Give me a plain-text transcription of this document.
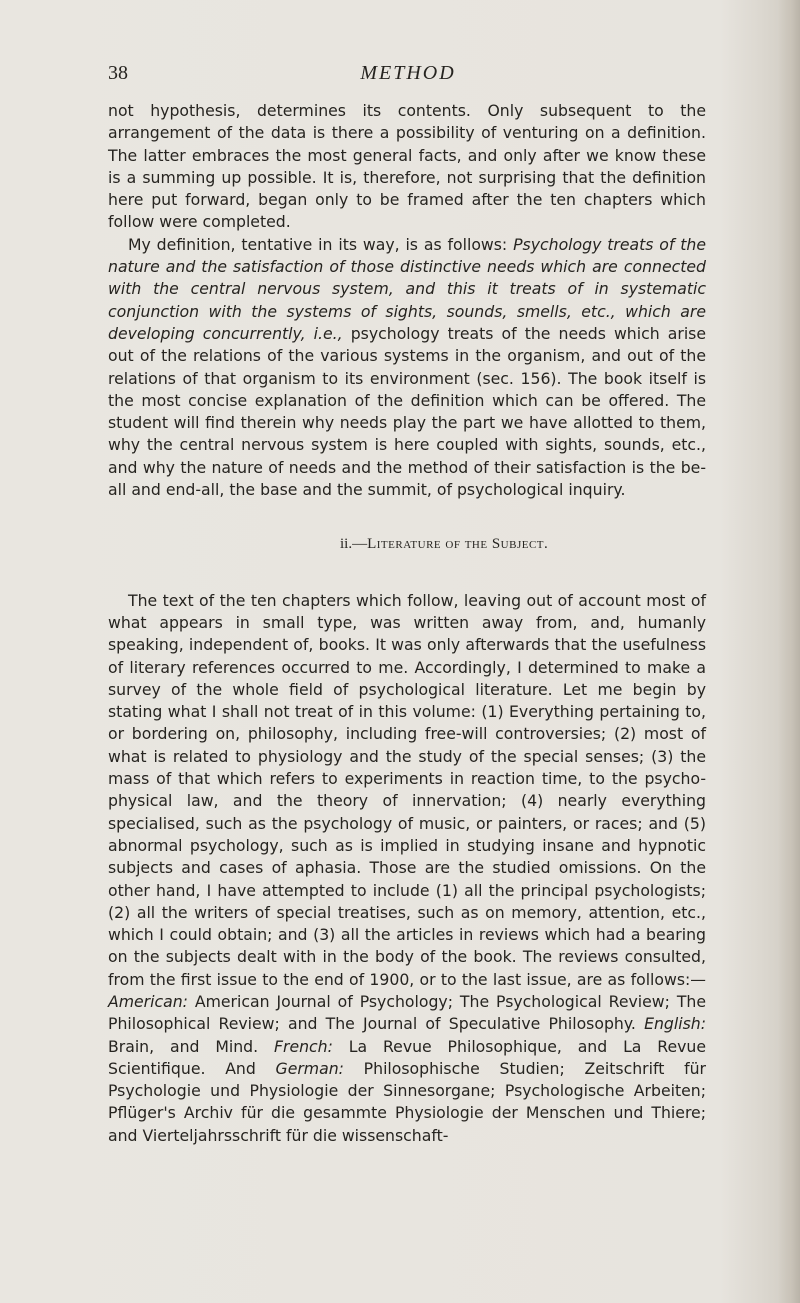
38	METHOD

not hypothesis, determines its contents. Only subsequent to the arrangement of the data is there a possibility of venturing on a definition. The latter embraces the most general facts, and only after we know these is a summing up possible. It is, therefore, not surprising that the definition here put forward, began only to be framed after the ten chapters which follow were completed.

My definition, tentative in its way, is as follows: Psychology treats of the nature and the satisfaction of those distinctive needs which are connected with the central nervous system, and this it treats of in systematic conjunction with the systems of sights, sounds, smells, etc., which are developing concurrently, i.e., psychology treats of the needs which arise out of the relations of the various systems in the organism, and out of the relations of that organism to its environment (sec. 156). The book itself is the most concise explanation of the definition which can be offered. The student will find therein why needs play the part we have allotted to them, why the central nervous system is here coupled with sights, sounds, etc., and why the nature of needs and the method of their satisfaction is the be-all and end-all, the base and the summit, of psychological inquiry.

ii.—Literature of the Subject.

The text of the ten chapters which follow, leaving out of account most of what appears in small type, was written away from, and, humanly speaking, independent of, books. It was only afterwards that the usefulness of literary references occurred to me. Accordingly, I determined to make a survey of the whole field of psychological literature. Let me begin by stating what I shall not treat of in this volume: (1) Everything pertaining to, or bordering on, philosophy, including free-will controversies; (2) most of what is related to physiology and the study of the special senses; (3) the mass of that which refers to experiments in reaction time, to the psycho-physical law, and the theory of innervation; (4) nearly everything specialised, such as the psychology of music, or painters, or races; and (5) abnormal psychology, such as is implied in studying insane and hypnotic subjects and cases of aphasia. Those are the studied omissions. On the other hand, I have attempted to include (1) all the principal psychologists; (2) all the writers of special treatises, such as on memory, attention, etc., which I could obtain; and (3) all the articles in reviews which had a bearing on the subjects dealt with in the body of the book. The reviews consulted, from the first issue to the end of 1900, or to the last issue, are as follows:—American: American Journal of Psychology; The Psychological Review; The Philosophical Review; and The Journal of Speculative Philosophy. English: Brain, and Mind. French: La Revue Philosophique, and La Revue Scientifique. And German: Philosophische Studien; Zeitschrift für Psychologie und Physiologie der Sinnesorgane; Psychologische Arbeiten; Pflüger's Archiv für die gesammte Physiologie der Menschen und Thiere; and Vierteljahrsschrift für die wissenschaft-
